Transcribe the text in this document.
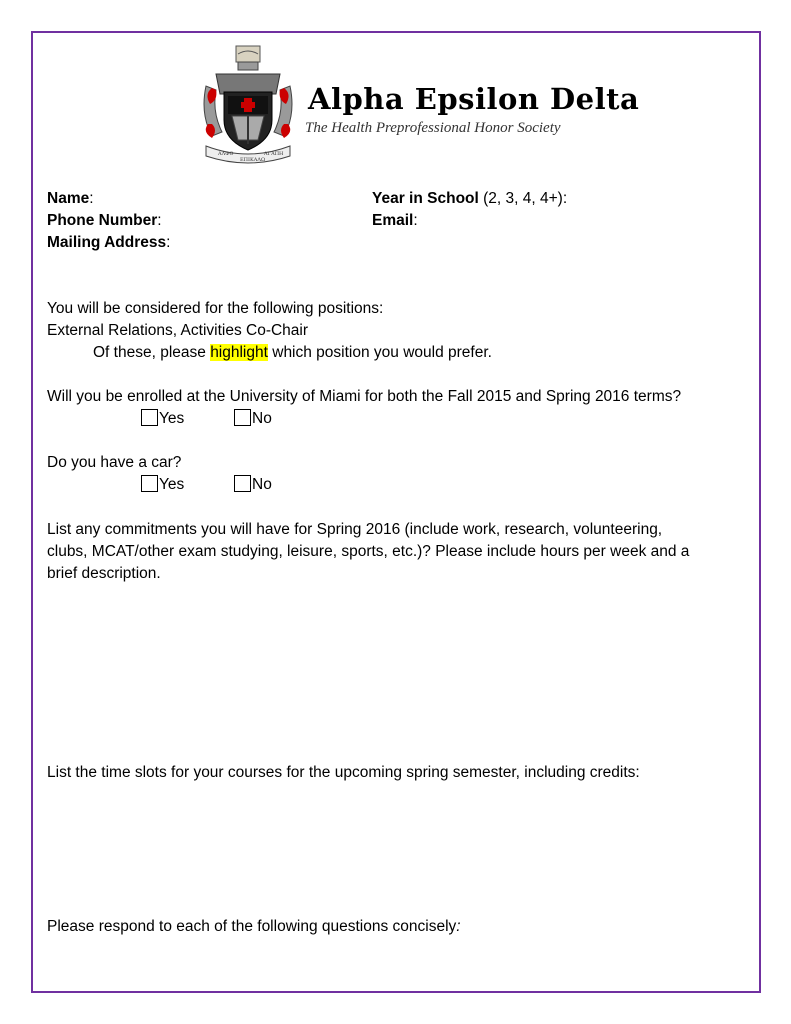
ΑΛΦΘ
ΕΠΙΚΑΛΩ
ΑΓΑΠΗ
Alpha Epsilon Delta
The Health Preprofessional Honor Society
Name:
Phone Number:
Mailing Address:
Year in School (2, 3, 4, 4+):
Email:
You will be considered for the following positions:
External Relations, Activities Co-Chair
Of these, please highlight which position you would prefer.
Will you be enrolled at the University of Miami for both the Fall 2015 and Spring 2016 terms?
Yes	No
Do you have a car?
Yes	No
List any commitments you will have for Spring 2016 (include work, research, volunteering,
clubs, MCAT/other exam studying, leisure, sports, etc.)? Please include hours per week and a
brief description.
List the time slots for your courses for the upcoming spring semester, including credits:
Please respond to each of the following questions concisely:
